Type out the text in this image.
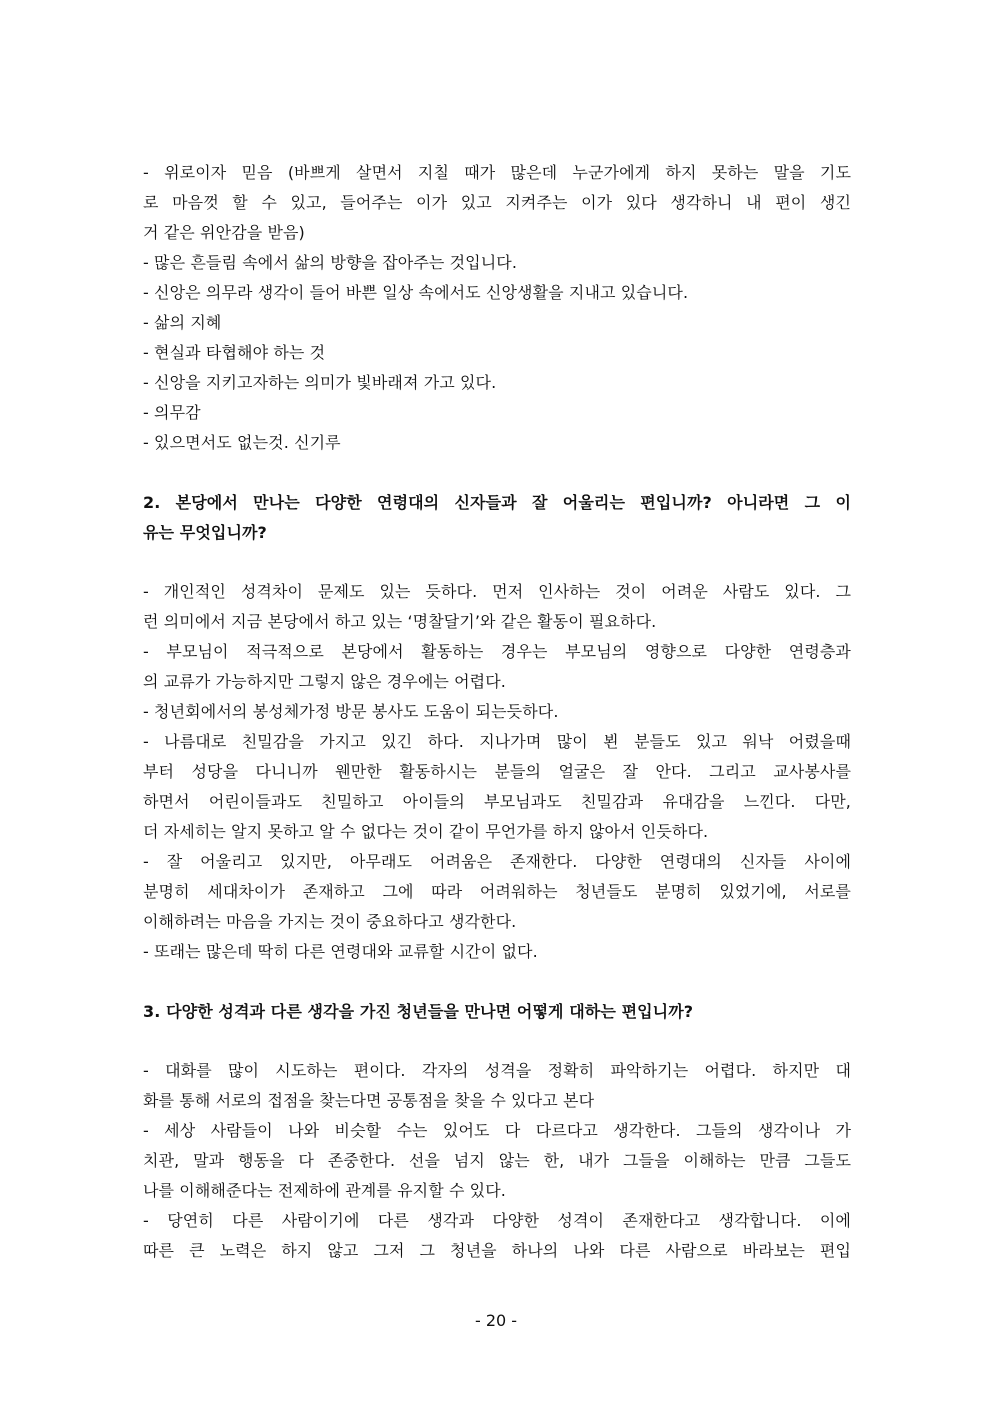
- 위로이자 믿음 (바쁘게 살면서 지칠 때가 많은데 누군가에게 하지 못하는 말을 기도
로 마음껏 할 수 있고, 들어주는 이가 있고 지켜주는 이가 있다 생각하니 내 편이 생긴
거 같은 위안감을 받음)
- 많은 흔들림 속에서 삶의 방향을 잡아주는 것입니다.
- 신앙은 의무라 생각이 들어 바쁜 일상 속에서도 신앙생활을 지내고 있습니다.
- 삶의 지혜
- 현실과 타협해야 하는 것
- 신앙을 지키고자하는 의미가 빛바래져 가고 있다.
- 의무감
- 있으면서도 없는것. 신기루
2. 본당에서 만나는 다양한 연령대의 신자들과 잘 어울리는 편입니까? 아니라면 그 이
유는 무엇입니까?
- 개인적인 성격차이 문제도 있는 듯하다. 먼저 인사하는 것이 어려운 사람도 있다. 그
런 의미에서 지금 본당에서 하고 있는 ‘명찰달기’와 같은 활동이 필요하다.
- 부모님이 적극적으로 본당에서 활동하는 경우는 부모님의 영향으로 다양한 연령층과
의 교류가 가능하지만 그렇지 않은 경우에는 어렵다.
- 청년회에서의 봉성체가정 방문 봉사도 도움이 되는듯하다.
- 나름대로 친밀감을 가지고 있긴 하다. 지나가며 많이 뵌 분들도 있고 워낙 어렸을때
부터 성당을 다니니까 웬만한 활동하시는 분들의 얼굴은 잘 안다. 그리고 교사봉사를
하면서 어린이들과도 친밀하고 아이들의 부모님과도 친밀감과 유대감을 느낀다. 다만,
더 자세히는 알지 못하고 알 수 없다는 것이 같이 무언가를 하지 않아서 인듯하다.
- 잘 어울리고 있지만, 아무래도 어려움은 존재한다. 다양한 연령대의 신자들 사이에
분명히 세대차이가 존재하고 그에 따라 어려워하는 청년들도 분명히 있었기에, 서로를
이해하려는 마음을 가지는 것이 중요하다고 생각한다.
- 또래는 많은데 딱히 다른 연령대와 교류할 시간이 없다.
3. 다양한 성격과 다른 생각을 가진 청년들을 만나면 어떻게 대하는 편입니까?
- 대화를 많이 시도하는 편이다. 각자의 성격을 정확히 파악하기는 어렵다. 하지만 대
화를 통해 서로의 접점을 찾는다면 공통점을 찾을 수 있다고 본다
- 세상 사람들이 나와 비슷할 수는 있어도 다 다르다고 생각한다. 그들의 생각이나 가
치관, 말과 행동을 다 존중한다. 선을 넘지 않는 한, 내가 그들을 이해하는 만큼 그들도
나를 이해해준다는 전제하에 관계를 유지할 수 있다.
- 당연히 다른 사람이기에 다른 생각과 다양한 성격이 존재한다고 생각합니다. 이에
따른 큰 노력은 하지 않고 그저 그 청년을 하나의 나와 다른 사람으로 바라보는 편입
- 20 -
